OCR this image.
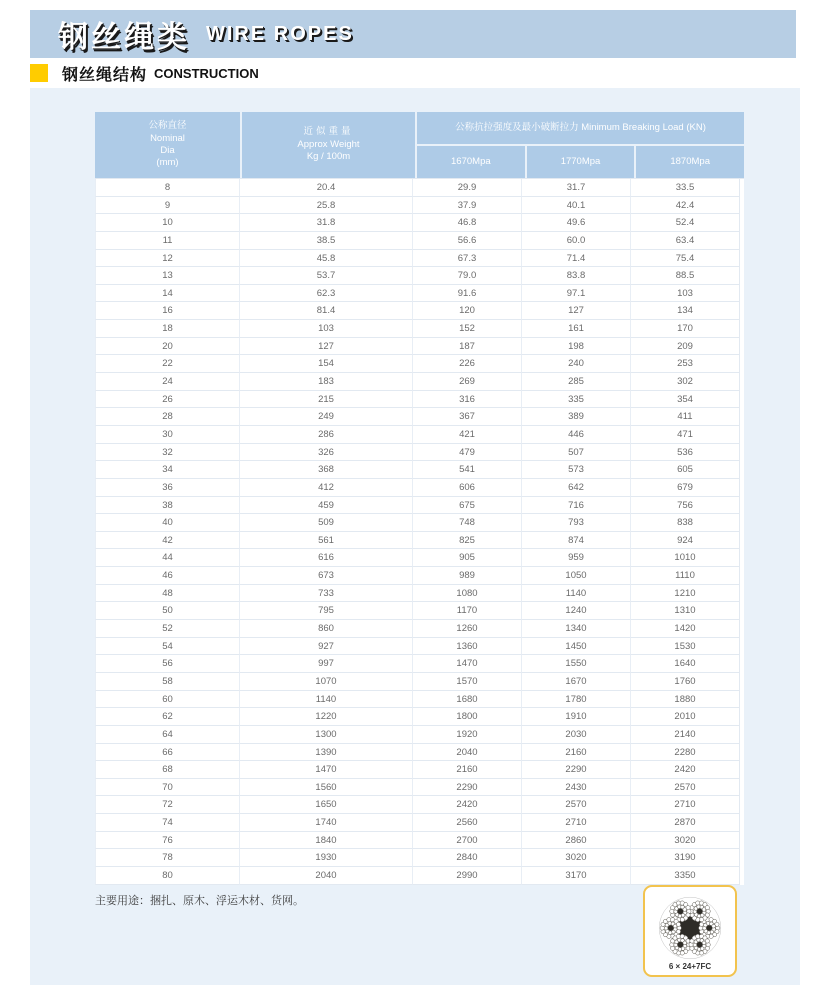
钢丝绳类 WIRE ROPES
钢丝绳结构 CONSTRUCTION
公称直径
Nominal
Dia
(mm)
近似重量
Approx Weight
Kg / 100m
公称抗拉强度及最小破断拉力 Minimum Breaking Load (KN)
1670Mpa	1770Mpa	1870Mpa
8	20.4	29.9	31.7	33.5
9	25.8	37.9	40.1	42.4
10	31.8	46.8	49.6	52.4
11	38.5	56.6	60.0	63.4
12	45.8	67.3	71.4	75.4
13	53.7	79.0	83.8	88.5
14	62.3	91.6	97.1	103
16	81.4	120	127	134
18	103	152	161	170
20	127	187	198	209
22	154	226	240	253
24	183	269	285	302
26	215	316	335	354
28	249	367	389	411
30	286	421	446	471
32	326	479	507	536
34	368	541	573	605
36	412	606	642	679
38	459	675	716	756
40	509	748	793	838
42	561	825	874	924
44	616	905	959	1010
46	673	989	1050	1110
48	733	1080	1140	1210
50	795	1170	1240	1310
52	860	1260	1340	1420
54	927	1360	1450	1530
56	997	1470	1550	1640
58	1070	1570	1670	1760
60	1140	1680	1780	1880
62	1220	1800	1910	2010
64	1300	1920	2030	2140
66	1390	2040	2160	2280
68	1470	2160	2290	2420
70	1560	2290	2430	2570
72	1650	2420	2570	2710
74	1740	2560	2710	2870
76	1840	2700	2860	3020
78	1930	2840	3020	3190
80	2040	2990	3170	3350
主要用途：捆扎、原木、浮运木材、货网。
6 × 24+7FC
